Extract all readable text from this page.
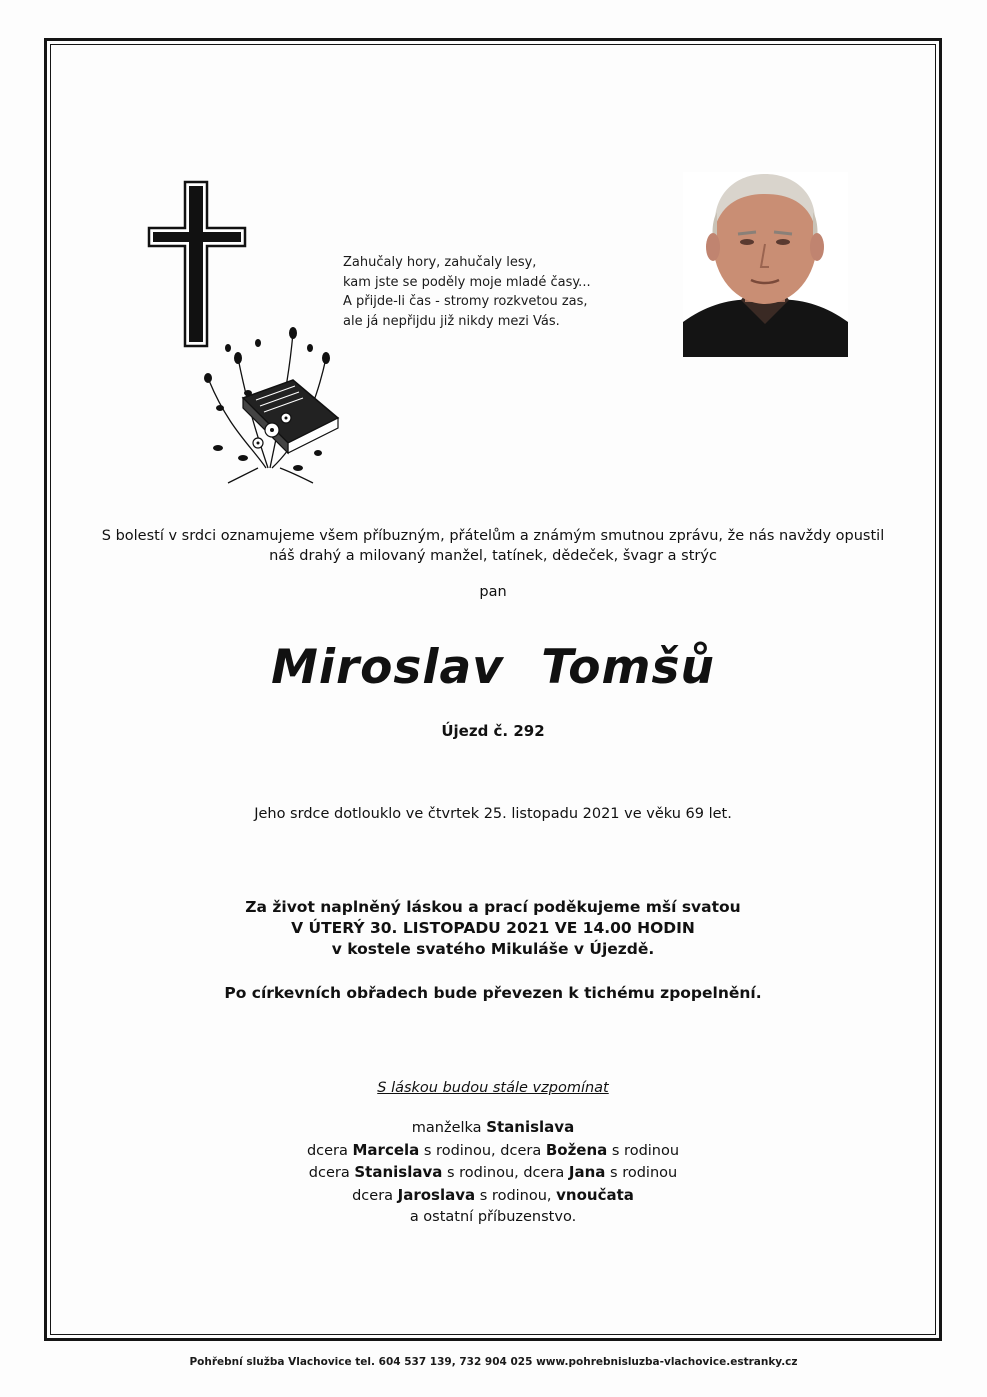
Zahučaly hory, zahučaly lesy,
kam jste se poděly moje mladé časy...
A přijde-li čas - stromy rozkvetou zas,
ale já nepřijdu již nikdy mezi Vás.
S bolestí v srdci oznamujeme všem příbuzným, přátelům a známým smutnou zprávu, že nás navždy opustil
náš drahý a milovaný manžel, tatínek, dědeček, švagr a strýc
pan
Miroslav Tomšů
Újezd č. 292
Jeho srdce dotlouklo ve čtvrtek 25. listopadu 2021 ve věku 69 let.
Za život naplněný láskou a prací poděkujeme mší svatou
V ÚTERÝ 30. LISTOPADU 2021 VE 14.00 HODIN
v kostele svatého Mikuláše v Újezdě.
Po církevních obřadech bude převezen k tichému zpopelnění.
S láskou budou stále vzpomínat
manželka Stanislava
dcera Marcela s rodinou, dcera Božena s rodinou
dcera Stanislava s rodinou, dcera Jana s rodinou
dcera Jaroslava s rodinou, vnoučata
a ostatní příbuzenstvo.
Pohřební služba Vlachovice tel. 604 537 139, 732 904 025 www.pohrebnisluzba-vlachovice.estranky.cz
